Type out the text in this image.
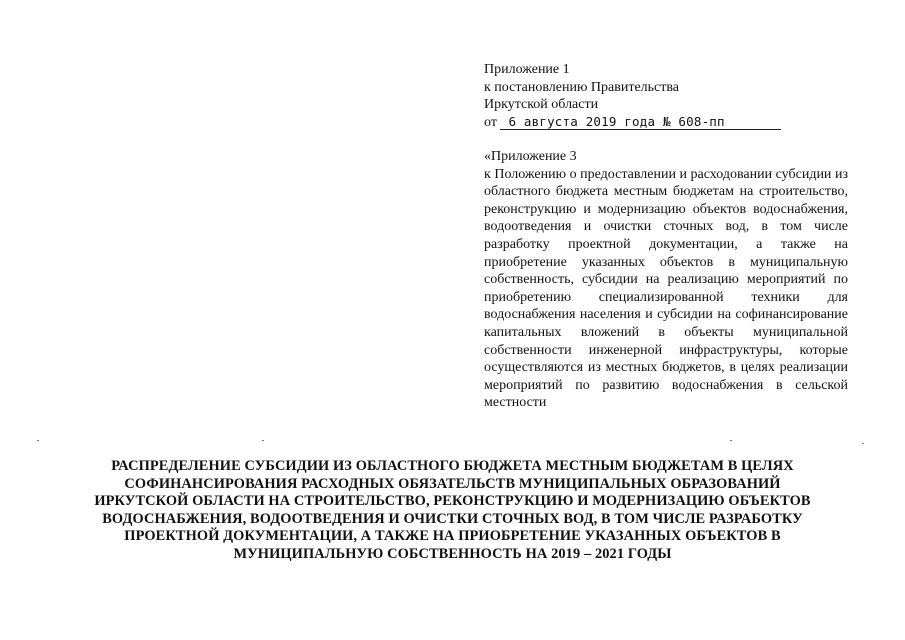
Приложение 1
к постановлению Правительства
Иркутской области
от 6 августа 2019 года № 608-пп
«Приложение 3
к Положению о предоставлении и расходовании субсидии из областного бюджета местным бюджетам на строительство, реконструкцию и модернизацию объектов водоснабжения, водоотведения и очистки сточных вод, в том числе разработку проектной документации, а также на приобретение указанных объектов в муниципальную собственность, субсидии на реализацию мероприятий по приобретению специализированной техники для водоснабжения населения и субсидии на софинансирование капитальных вложений в объекты муниципальной собственности инженерной инфраструктуры, которые осуществляются из местных бюджетов, в целях реализации мероприятий по развитию водоснабжения в сельской местности
РАСПРЕДЕЛЕНИЕ СУБСИДИИ ИЗ ОБЛАСТНОГО БЮДЖЕТА МЕСТНЫМ БЮДЖЕТАМ В ЦЕЛЯХ
СОФИНАНСИРОВАНИЯ РАСХОДНЫХ ОБЯЗАТЕЛЬСТВ МУНИЦИПАЛЬНЫХ ОБРАЗОВАНИЙ
ИРКУТСКОЙ ОБЛАСТИ НА СТРОИТЕЛЬСТВО, РЕКОНСТРУКЦИЮ И МОДЕРНИЗАЦИЮ ОБЪЕКТОВ
ВОДОСНАБЖЕНИЯ, ВОДООТВЕДЕНИЯ И ОЧИСТКИ СТОЧНЫХ ВОД, В ТОМ ЧИСЛЕ РАЗРАБОТКУ
ПРОЕКТНОЙ ДОКУМЕНТАЦИИ, А ТАКЖЕ НА ПРИОБРЕТЕНИЕ УКАЗАННЫХ ОБЪЕКТОВ В
МУНИЦИПАЛЬНУЮ СОБСТВЕННОСТЬ НА 2019 – 2021 ГОДЫ
